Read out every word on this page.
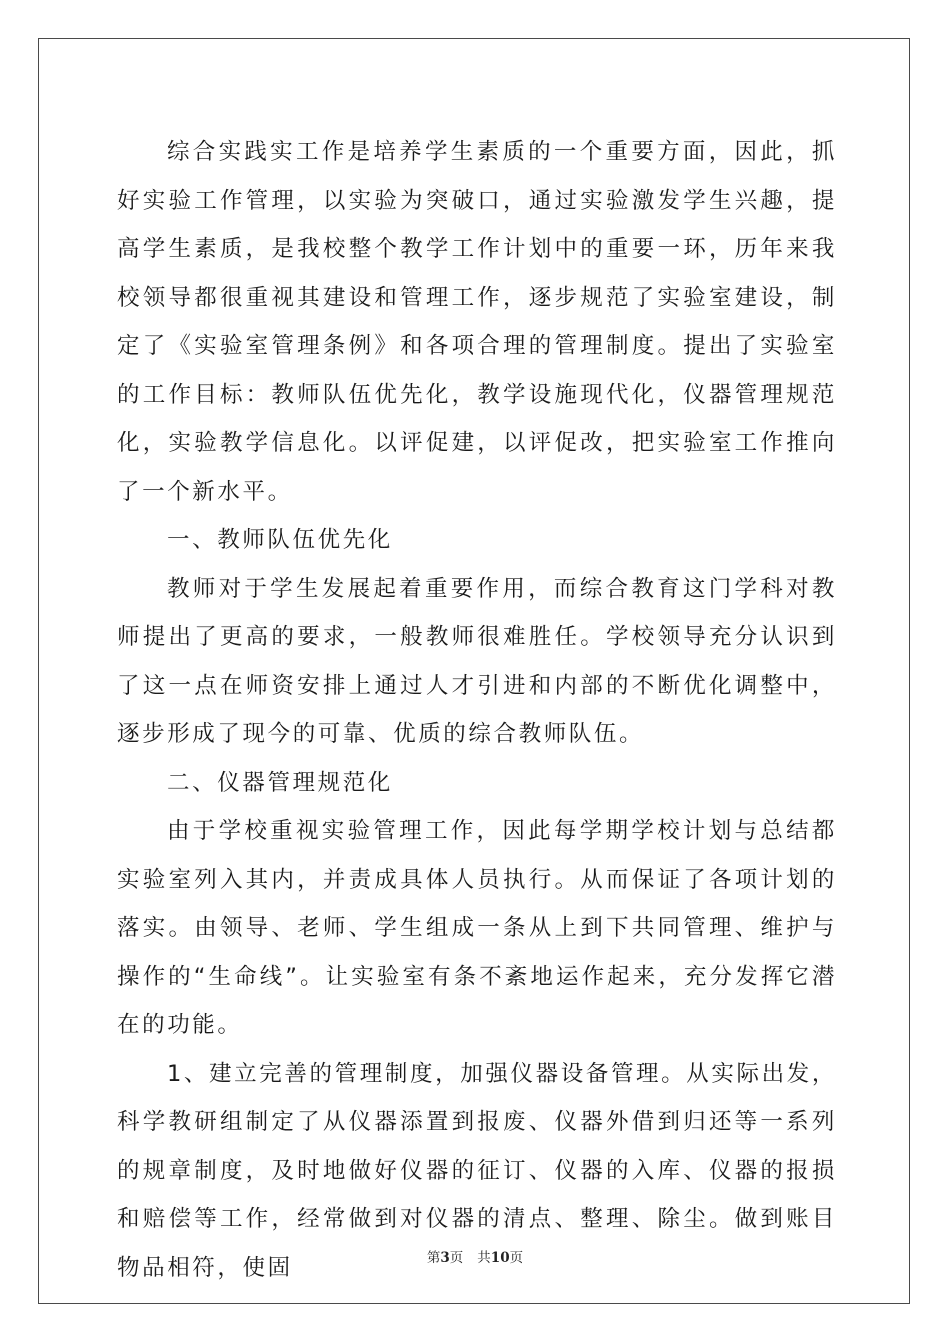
综合实践实工作是培养学生素质的一个重要方面，因此，抓好实验工作管理，以实验为突破口，通过实验激发学生兴趣，提高学生素质，是我校整个教学工作计划中的重要一环，历年来我校领导都很重视其建设和管理工作，逐步规范了实验室建设，制定了《实验室管理条例》和各项合理的管理制度。提出了实验室的工作目标：教师队伍优先化，教学设施现代化，仪器管理规范化，实验教学信息化。以评促建，以评促改，把实验室工作推向了一个新水平。

一、教师队伍优先化

教师对于学生发展起着重要作用，而综合教育这门学科对教师提出了更高的要求，一般教师很难胜任。学校领导充分认识到了这一点在师资安排上通过人才引进和内部的不断优化调整中，逐步形成了现今的可靠、优质的综合教师队伍。

二、仪器管理规范化

由于学校重视实验管理工作，因此每学期学校计划与总结都实验室列入其内，并责成具体人员执行。从而保证了各项计划的落实。由领导、老师、学生组成一条从上到下共同管理、维护与操作的“生命线”。让实验室有条不紊地运作起来，充分发挥它潜在的功能。

1、建立完善的管理制度，加强仪器设备管理。从实际出发，科学教研组制定了从仪器添置到报废、仪器外借到归还等一系列的规章制度，及时地做好仪器的征订、仪器的入库、仪器的报损和赔偿等工作，经常做到对仪器的清点、整理、除尘。做到账目物品相符，使固	第3页 共10页
